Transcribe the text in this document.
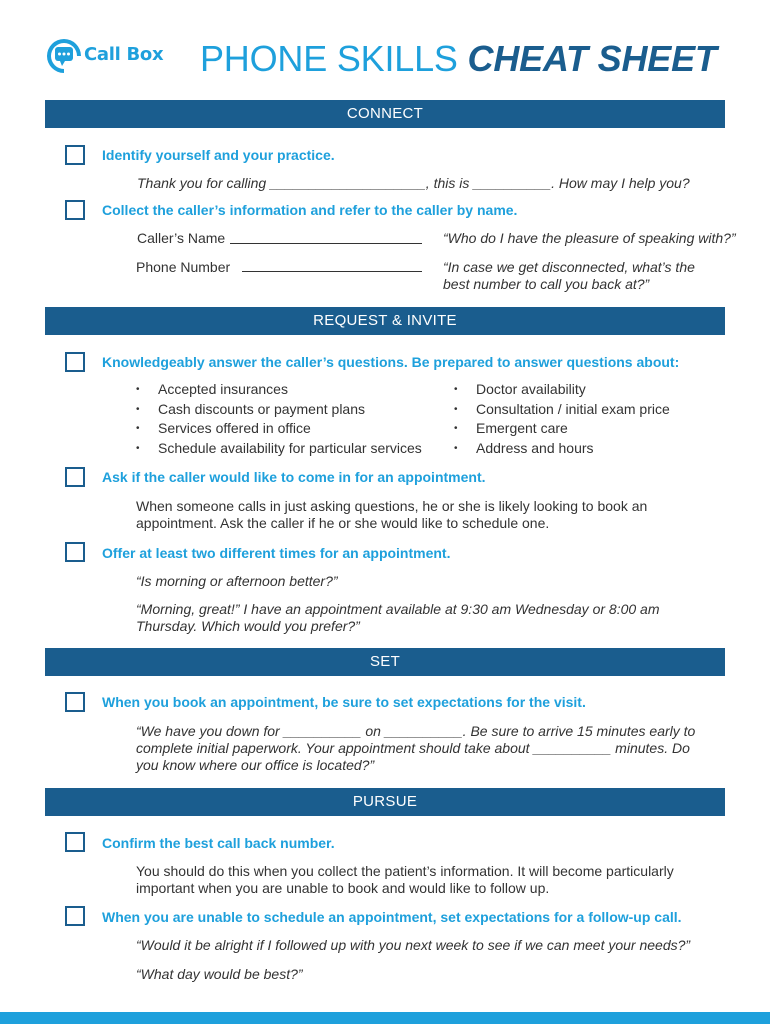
Call Box PHONE SKILLS CHEAT SHEET
CONNECT
Identify yourself and your practice.
Thank you for calling ____________________, this is __________. How may I help you?
Collect the caller’s information and refer to the caller by name.
Caller’s Name	“Who do I have the pleasure of speaking with?”
Phone Number	“In case we get disconnected, what’s the best number to call you back at?”
REQUEST & INVITE
Knowledgeably answer the caller’s questions. Be prepared to answer questions about:
• Accepted insurances
• Cash discounts or payment plans
• Services offered in office
• Schedule availability for particular services
• Doctor availability
• Consultation / initial exam price
• Emergent care
• Address and hours
Ask if the caller would like to come in for an appointment.
When someone calls in just asking questions, he or she is likely looking to book an appointment. Ask the caller if he or she would like to schedule one.
Offer at least two different times for an appointment.
“Is morning or afternoon better?”
“Morning, great!” I have an appointment available at 9:30 am Wednesday or 8:00 am Thursday. Which would you prefer?”
SET
When you book an appointment, be sure to set expectations for the visit.
“We have you down for __________ on __________. Be sure to arrive 15 minutes early to complete initial paperwork. Your appointment should take about __________ minutes. Do you know where our office is located?”
PURSUE
Confirm the best call back number.
You should do this when you collect the patient’s information. It will become particularly important when you are unable to book and would like to follow up.
When you are unable to schedule an appointment, set expectations for a follow-up call.
“Would it be alright if I followed up with you next week to see if we can meet your needs?”
“What day would be best?”
